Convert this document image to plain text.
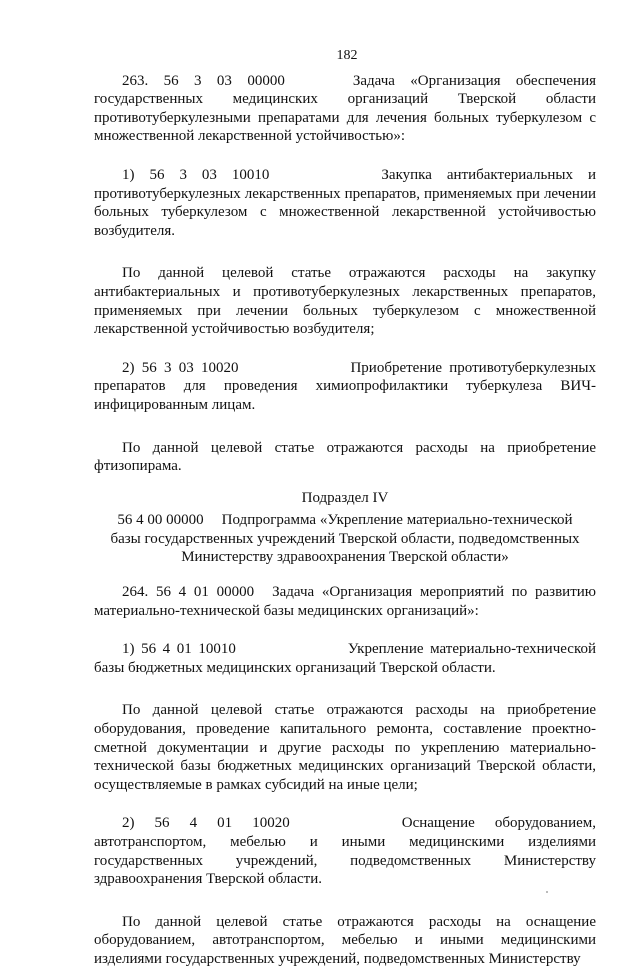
182

263. 56 3 03 00000	Задача «Организация обеспечения государственных медицинских организаций Тверской области противотуберкулезными препаратами для лечения больных туберкулезом с множественной лекарственной устойчивостью»:

1) 56 3 03 10010	Закупка антибактериальных и противотуберкулезных лекарственных препаратов, применяемых при лечении больных туберкулезом с множественной лекарственной устойчивостью возбудителя.

По данной целевой статье отражаются расходы на закупку антибактериальных и противотуберкулезных лекарственных препаратов, применяемых при лечении больных туберкулезом с множественной лекарственной устойчивостью возбудителя;

2) 56 3 03 10020	Приобретение противотуберкулезных препаратов для проведения химиопрофилактики туберкулеза ВИЧ-инфицированным лицам.

По данной целевой статье отражаются расходы на приобретение фтизопирама.

Подраздел IV

56 4 00 00000 Подпрограмма «Укрепление материально-технической

базы государственных учреждений Тверской области, подведомственных

Министерству здравоохранения Тверской области»

264. 56 4 01 00000 Задача «Организация мероприятий по развитию материально-технической базы медицинских организаций»:

1) 56 4 01 10010	Укрепление материально-технической базы бюджетных медицинских организаций Тверской области.

По данной целевой статье отражаются расходы на приобретение оборудования, проведение капитального ремонта, составление проектно-сметной документации и другие расходы по укреплению материально-технической базы бюджетных медицинских организаций Тверской области, осуществляемые в рамках субсидий на иные цели;

2) 56 4 01 10020	Оснащение оборудованием, автотранспортом, мебелью и иными медицинскими изделиями государственных учреждений, подведомственных Министерству здравоохранения Тверской области.

По данной целевой статье отражаются расходы на оснащение оборудованием, автотранспортом, мебелью и иными медицинскими изделиями государственных учреждений, подведомственных Министерству
